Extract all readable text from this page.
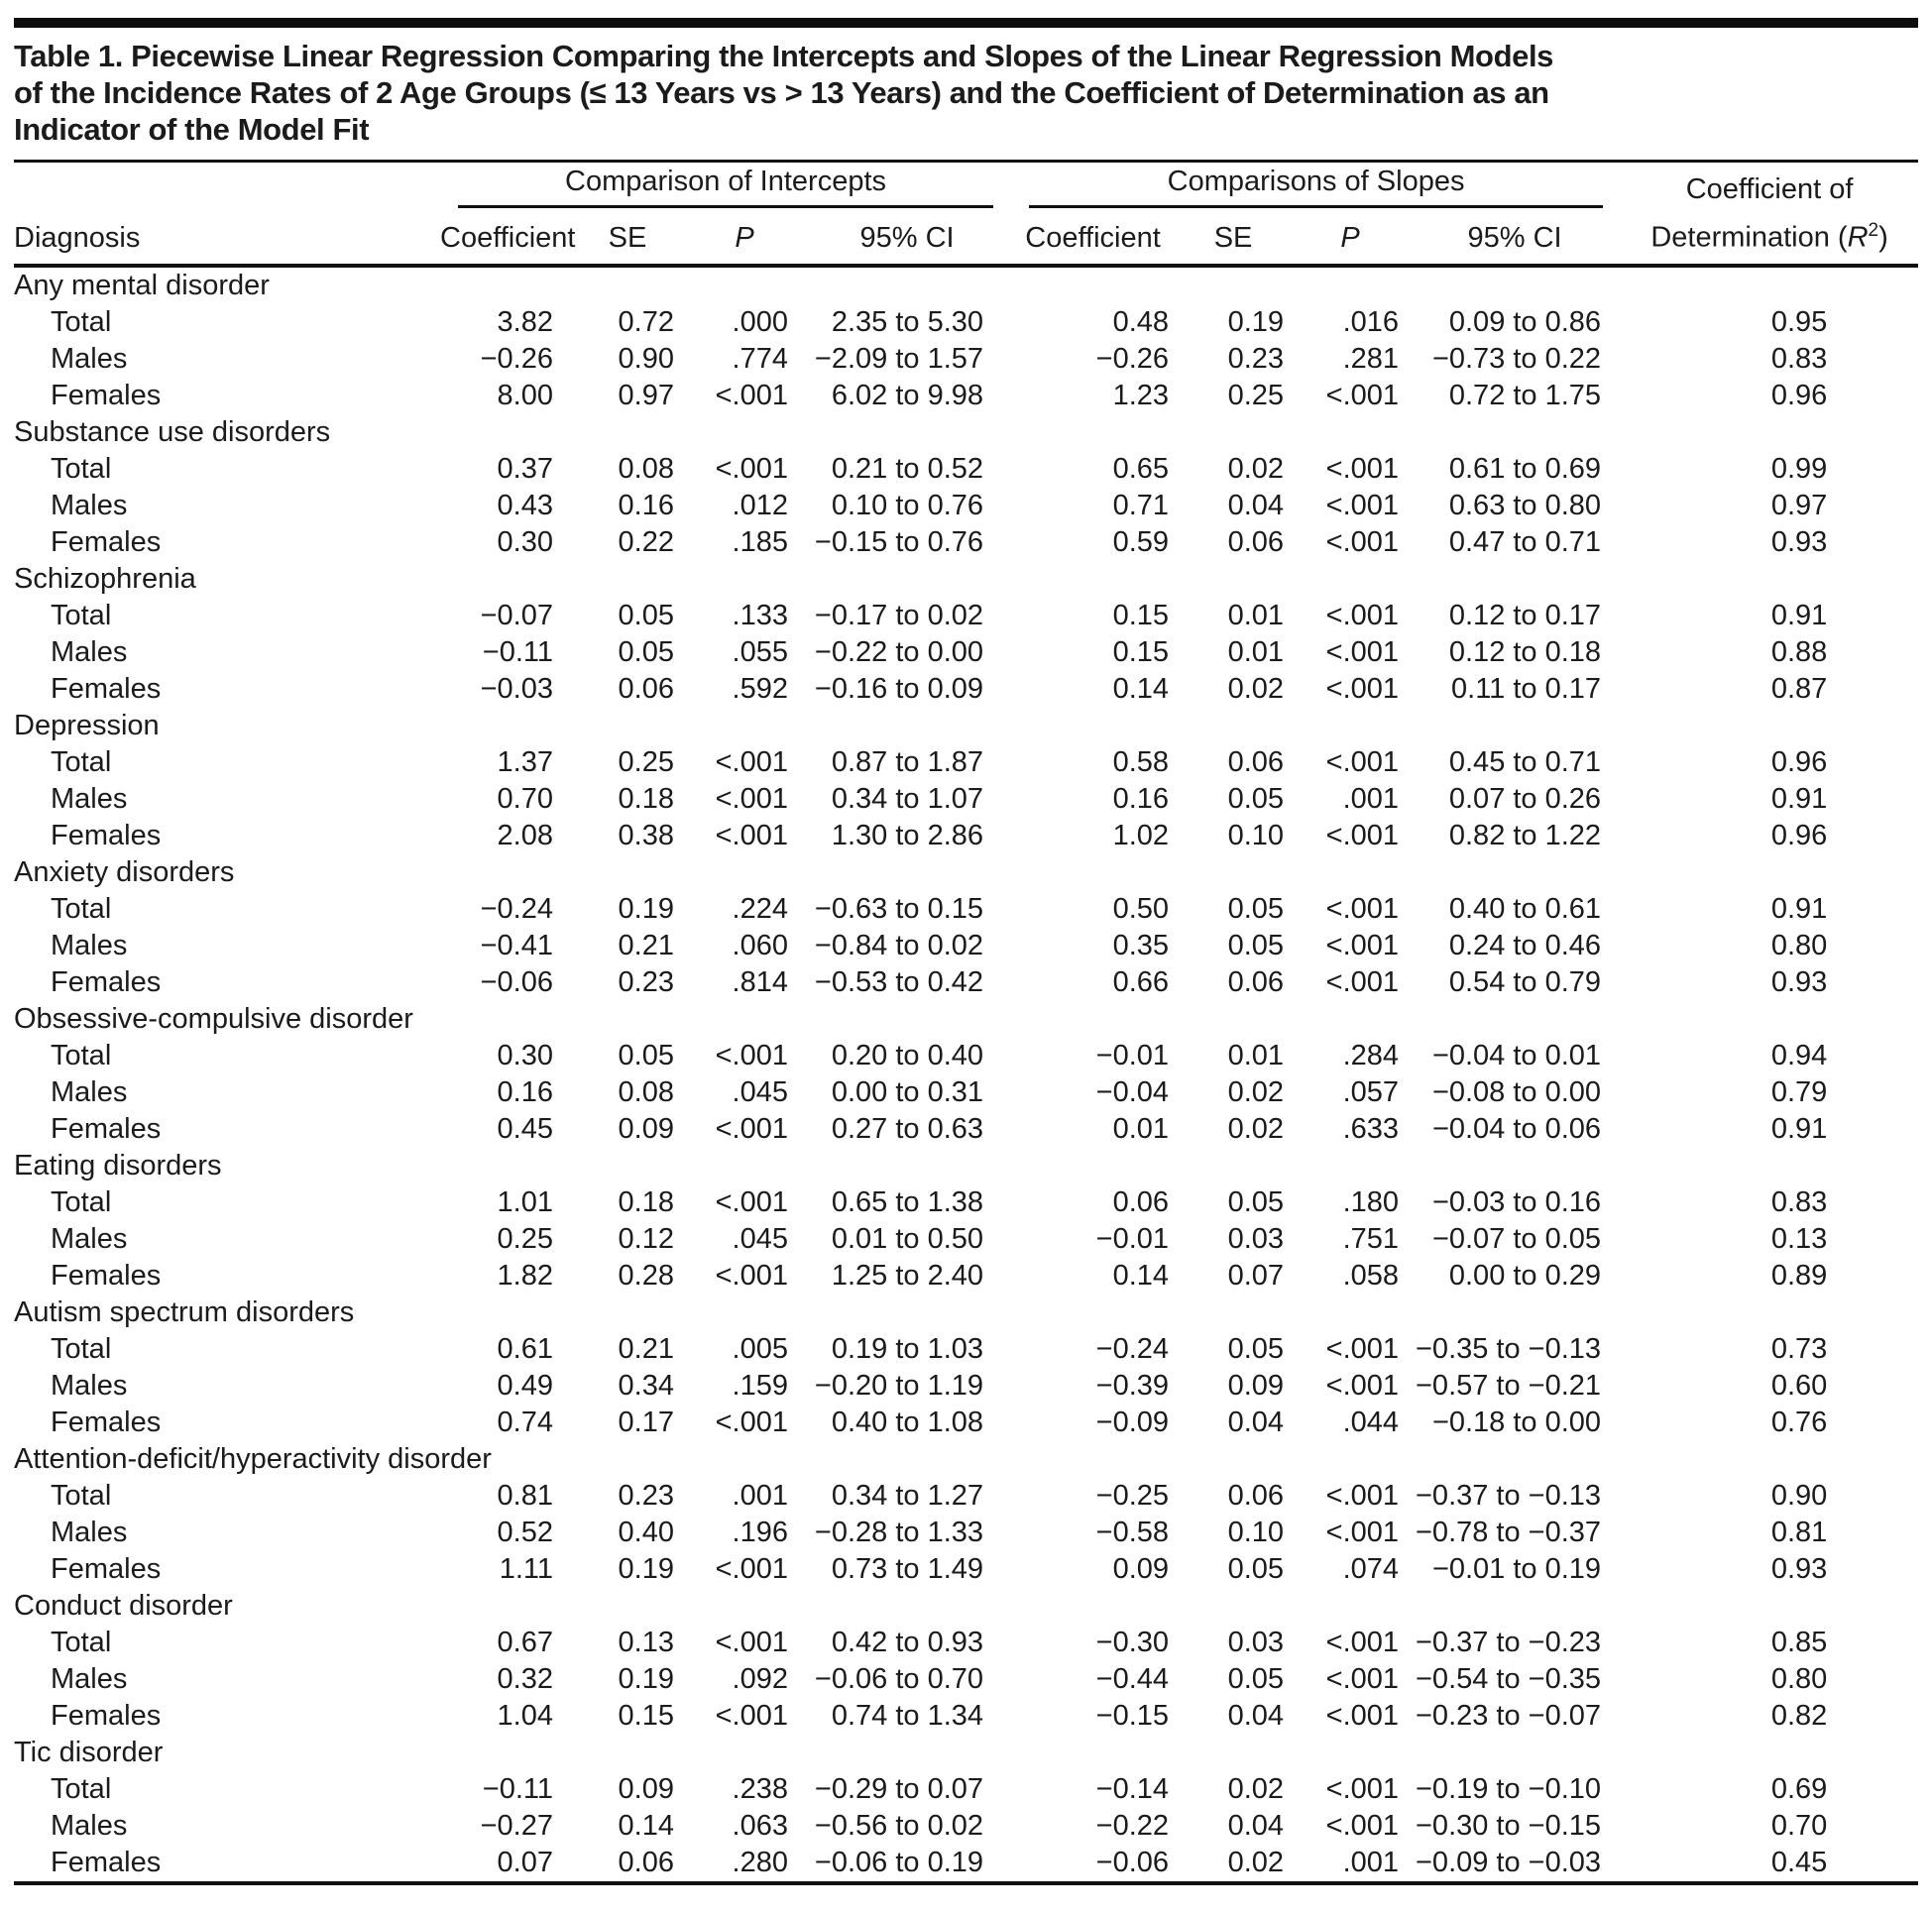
Table 1. Piecewise Linear Regression Comparing the Intercepts and Slopes of the Linear Regression Models of the Incidence Rates of 2 Age Groups (≤ 13 Years vs > 13 Years) and the Coefficient of Determination as an Indicator of the Model Fit

	Comparison of Intercepts				Comparisons of Slopes				Coefficient of

Diagnosis	Coefficient	SE	P	95% CI	Coefficient	SE	P	95% CI	Determination $(R^2)$
Any mental disorder									
Total	3.82	0.72	.000	2.35 to 5.30	0.48	0.19	.016	0.09 to 0.86	0.95
Males	−0.26	0.90	.774	−2.09 to 1.57	−0.26	0.23	.281	−0.73 to 0.22	0.83
Females	8.00	0.97	<.001	6.02 to 9.98	1.23	0.25	<.001	0.72 to 1.75	0.96
Substance use disorders									
Total	0.37	0.08	<.001	0.21 to 0.52	0.65	0.02	<.001	0.61 to 0.69	0.99
Males	0.43	0.16	.012	0.10 to 0.76	0.71	0.04	<.001	0.63 to 0.80	0.97
Females	0.30	0.22	.185	−0.15 to 0.76	0.59	0.06	<.001	0.47 to 0.71	0.93
Schizophrenia									
Total	−0.07	0.05	.133	−0.17 to 0.02	0.15	0.01	<.001	0.12 to 0.17	0.91
Males	−0.11	0.05	.055	−0.22 to 0.00	0.15	0.01	<.001	0.12 to 0.18	0.88
Females	−0.03	0.06	.592	−0.16 to 0.09	0.14	0.02	<.001	0.11 to 0.17	0.87
Depression									
Total	1.37	0.25	<.001	0.87 to 1.87	0.58	0.06	<.001	0.45 to 0.71	0.96
Males	0.70	0.18	<.001	0.34 to 1.07	0.16	0.05	.001	0.07 to 0.26	0.91
Females	2.08	0.38	<.001	1.30 to 2.86	1.02	0.10	<.001	0.82 to 1.22	0.96
Anxiety disorders									
Total	−0.24	0.19	.224	−0.63 to 0.15	0.50	0.05	<.001	0.40 to 0.61	0.91
Males	−0.41	0.21	.060	−0.84 to 0.02	0.35	0.05	<.001	0.24 to 0.46	0.80
Females	−0.06	0.23	.814	−0.53 to 0.42	0.66	0.06	<.001	0.54 to 0.79	0.93
Obsessive-compulsive disorder									
Total	0.30	0.05	<.001	0.20 to 0.40	−0.01	0.01	.284	−0.04 to 0.01	0.94
Males	0.16	0.08	.045	0.00 to 0.31	−0.04	0.02	.057	−0.08 to 0.00	0.79
Females	0.45	0.09	<.001	0.27 to 0.63	0.01	0.02	.633	−0.04 to 0.06	0.91
Eating disorders									
Total	1.01	0.18	<.001	0.65 to 1.38	0.06	0.05	.180	−0.03 to 0.16	0.83
Males	0.25	0.12	.045	0.01 to 0.50	−0.01	0.03	.751	−0.07 to 0.05	0.13
Females	1.82	0.28	<.001	1.25 to 2.40	0.14	0.07	.058	0.00 to 0.29	0.89
Autism spectrum disorders									
Total	0.61	0.21	.005	0.19 to 1.03	−0.24	0.05	<.001	−0.35 to −0.13	0.73
Males	0.49	0.34	.159	−0.20 to 1.19	−0.39	0.09	<.001	−0.57 to −0.21	0.60
Females	0.74	0.17	<.001	0.40 to 1.08	−0.09	0.04	.044	−0.18 to 0.00	0.76
Attention-deficit/hyperactivity disorder									
Total	0.81	0.23	.001	0.34 to 1.27	−0.25	0.06	<.001	−0.37 to −0.13	0.90
Males	0.52	0.40	.196	−0.28 to 1.33	−0.58	0.10	<.001	−0.78 to −0.37	0.81
Females	1.11	0.19	<.001	0.73 to 1.49	0.09	0.05	.074	−0.01 to 0.19	0.93
Conduct disorder									
Total	0.67	0.13	<.001	0.42 to 0.93	−0.30	0.03	<.001	−0.37 to −0.23	0.85
Males	0.32	0.19	.092	−0.06 to 0.70	−0.44	0.05	<.001	−0.54 to −0.35	0.80
Females	1.04	0.15	<.001	0.74 to 1.34	−0.15	0.04	<.001	−0.23 to −0.07	0.82
Tic disorder									
Total	−0.11	0.09	.238	−0.29 to 0.07	−0.14	0.02	<.001	−0.19 to −0.10	0.69
Males	−0.27	0.14	.063	−0.56 to 0.02	−0.22	0.04	<.001	−0.30 to −0.15	0.70
Females	0.07	0.06	.280	−0.06 to 0.19	−0.06	0.02	.001	−0.09 to −0.03	0.45
